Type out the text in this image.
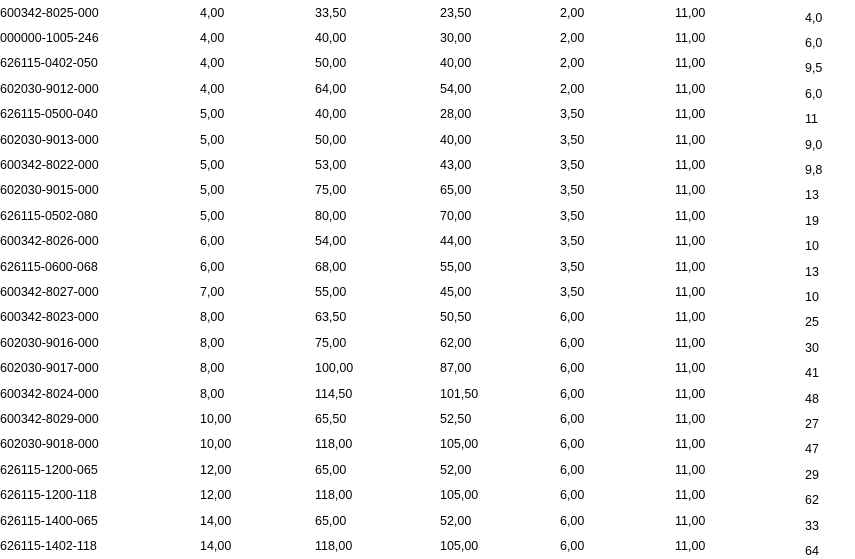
600342-8025-000	4,00	33,50	23,50	2,00	11,00	4,0

000000-1005-246	4,00	40,00	30,00	2,00	11,00	6,0

626115-0402-050	4,00	50,00	40,00	2,00	11,00	9,5

602030-9012-000	4,00	64,00	54,00	2,00	11,00	6,0

626115-0500-040	5,00	40,00	28,00	3,50	11,00	11

602030-9013-000	5,00	50,00	40,00	3,50	11,00	9,0

600342-8022-000	5,00	53,00	43,00	3,50	11,00	9,8

602030-9015-000	5,00	75,00	65,00	3,50	11,00	13

626115-0502-080	5,00	80,00	70,00	3,50	11,00	19

600342-8026-000	6,00	54,00	44,00	3,50	11,00	10

626115-0600-068	6,00	68,00	55,00	3,50	11,00	13

600342-8027-000	7,00	55,00	45,00	3,50	11,00	10

600342-8023-000	8,00	63,50	50,50	6,00	11,00	25

602030-9016-000	8,00	75,00	62,00	6,00	11,00	30

602030-9017-000	8,00	100,00	87,00	6,00	11,00	41

600342-8024-000	8,00	114,50	101,50	6,00	11,00	48

600342-8029-000	10,00	65,50	52,50	6,00	11,00	27

602030-9018-000	10,00	118,00	105,00	6,00	11,00	47

626115-1200-065	12,00	65,00	52,00	6,00	11,00	29

626115-1200-118	12,00	118,00	105,00	6,00	11,00	62

626115-1400-065	14,00	65,00	52,00	6,00	11,00	33

626115-1402-118	14,00	118,00	105,00	6,00	11,00	64
